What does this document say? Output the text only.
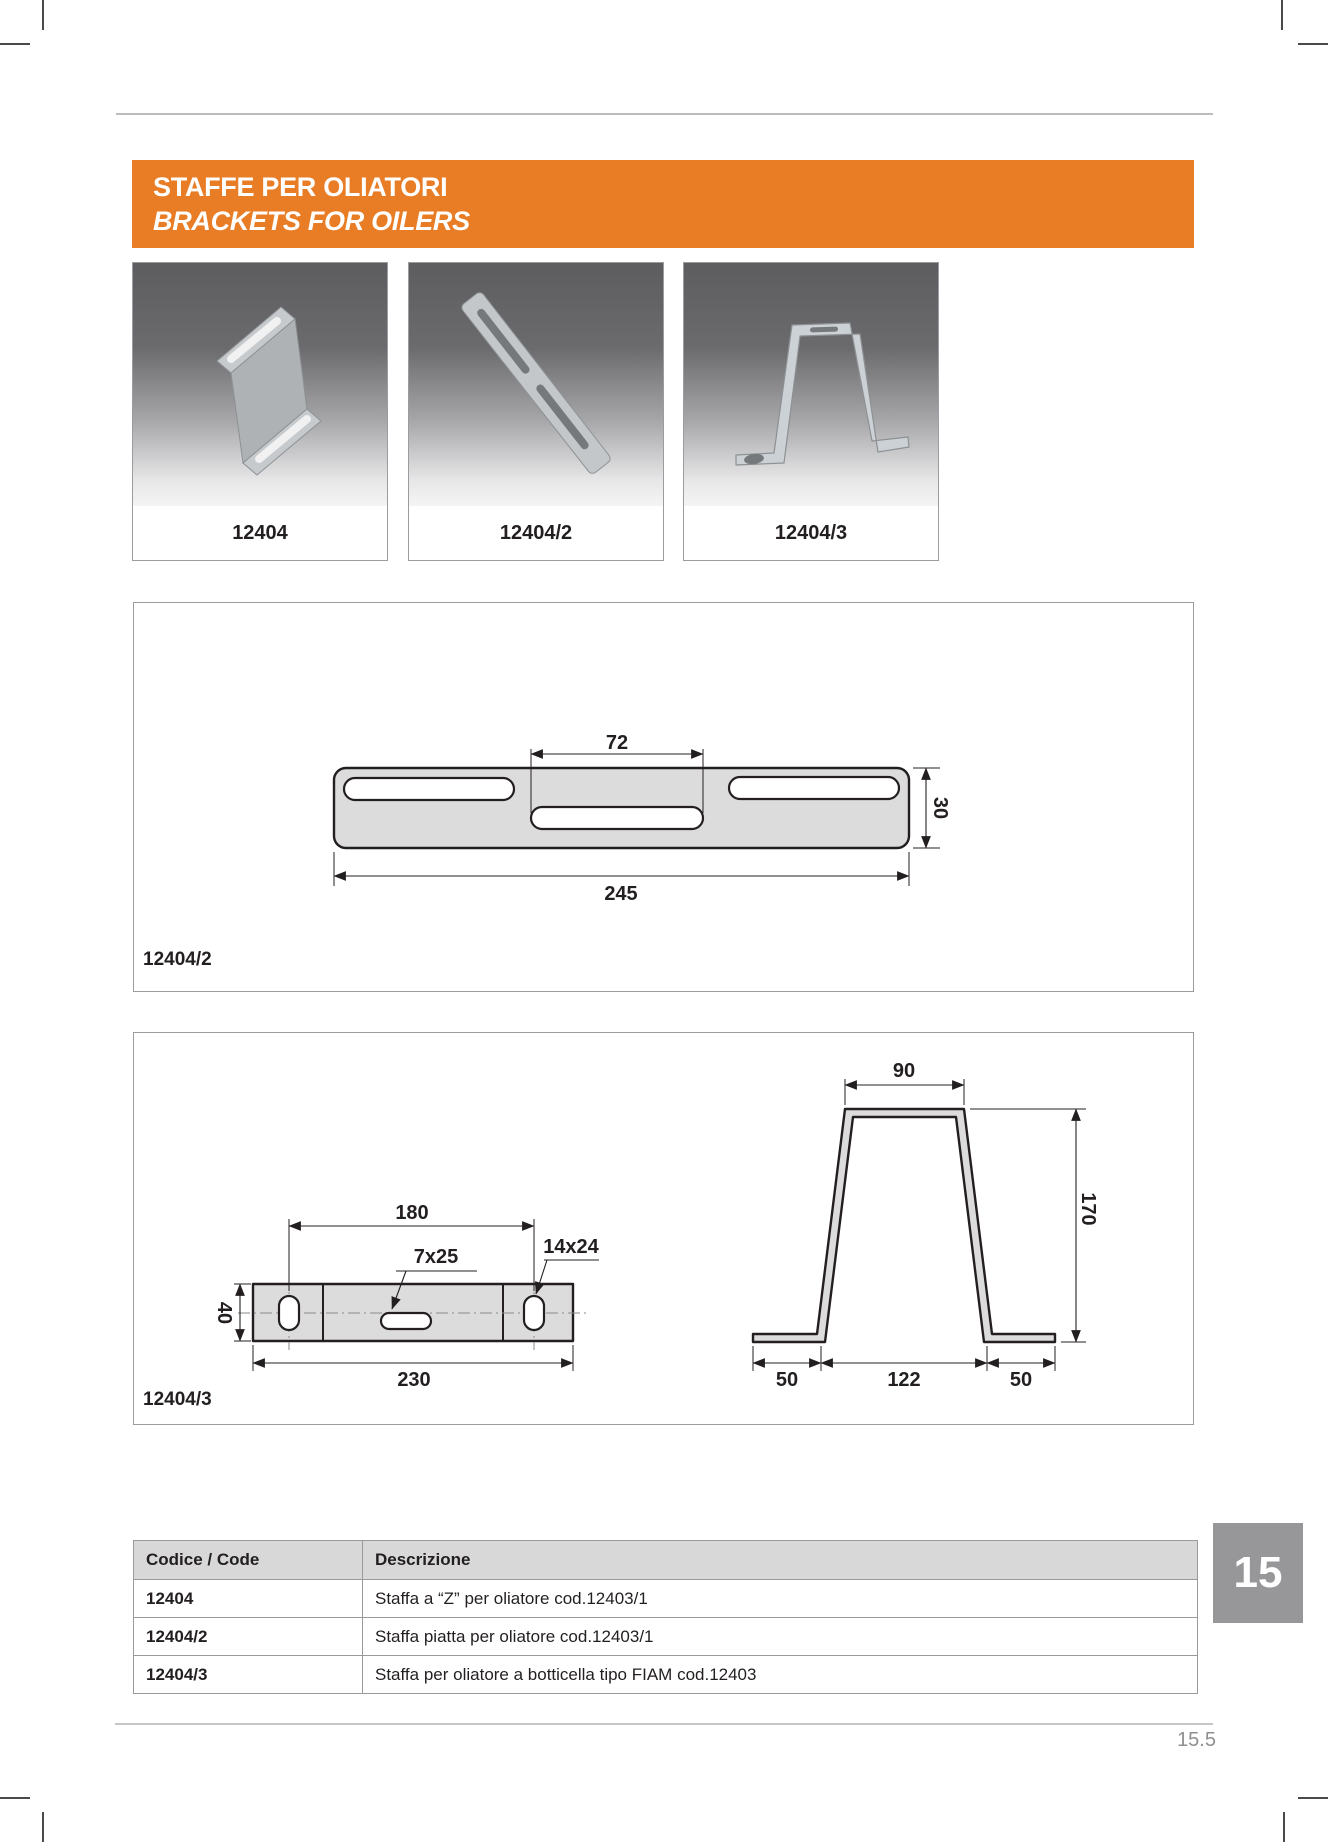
STAFFE PER OLIATORI
BRACKETS FOR OILERS
12404	12404/2	12404/3
72
30
245
12404/2
180
7x25	14x24
40
230
90
170
50	122	50
12404/3
Codice / Code	Descrizione
12404	Staffa a “Z” per oliatore cod.12403/1
12404/2	Staffa piatta per oliatore cod.12403/1
12404/3	Staffa per oliatore a botticella tipo FIAM cod.12403
15
15.5
